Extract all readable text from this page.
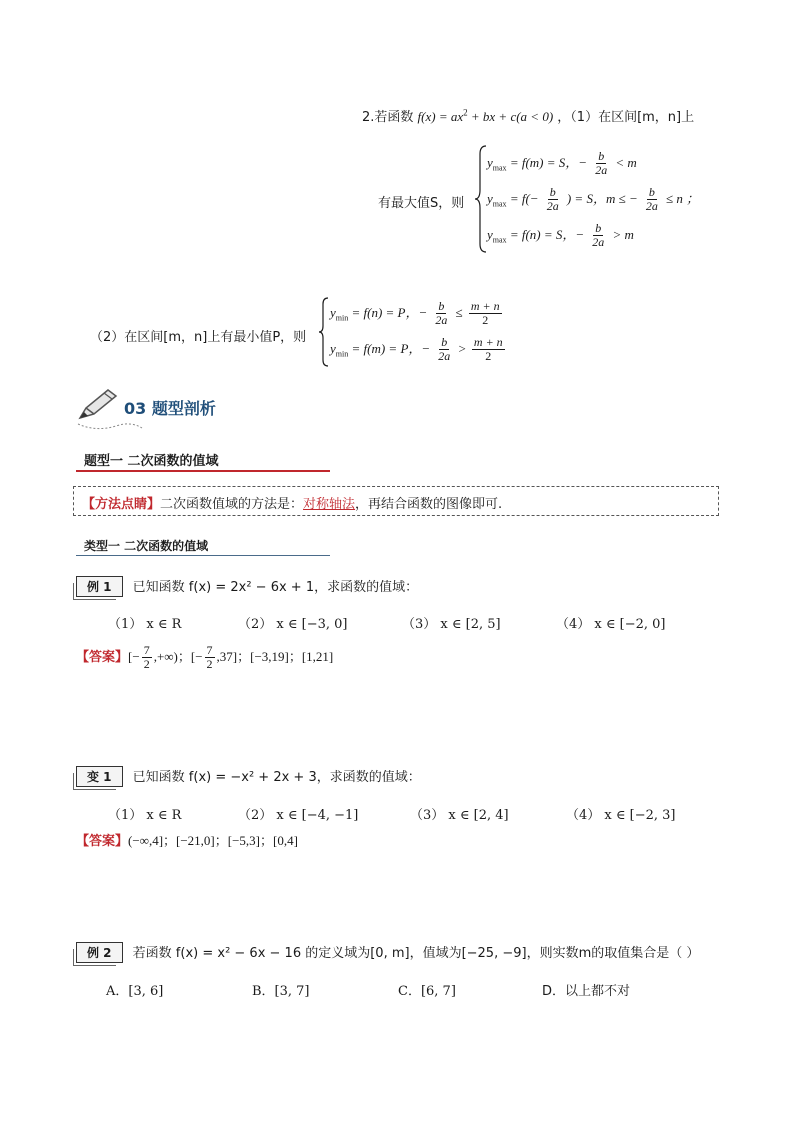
2.若函数 $f(x) = ax^2$ + bx + c(a < 0) ，（1）在区间[m，n]上
有最大值S，则
$y_{max} = f(m) = S$，− $\frac{b}{2a} < m$
$y_{max} = f(- \frac{b}{2a}$ ) = S，m ≤ − $\frac{b}{2a} \le n$ ；
$y_{max} = f(n) = S$，− $\frac{b}{2a} > m$
（2）在区间[m，n]上有最小值P，则
$y_{min} = f(n) = P$，− $\frac{b}{2a} \le \frac{m + n}{2}$
$y_{min} = f(m) = P$，− $\frac{b}{2a} > \frac{m + n}{2}$
03 题型剖析
题型一 二次函数的值域
【方法点睛】二次函数值域的方法是：对称轴法，再结合函数的图像即可.
类型一 二次函数的值域
例 1 已知函数 f(x) = 2x² − 6x + 1，求函数的值域：
（1） x ∈ R	（2） x ∈ [−3, 0]	（3） x ∈ [2, 5]	（4） x ∈ [−2, 0]
【答案】[− $\frac{7}{2}$ ,+∞)；[− $\frac{7}{2} ,37$]；[−3,19]；[1,21]
变 1 已知函数 f(x) = −x² + 2x + 3，求函数的值域：
（1） x ∈ R	（2） x ∈ [−4, −1]	（3） x ∈ [2, 4]	（4） x ∈ [−2, 3]
【答案】(−∞,4]；[−21,0]；[−5,3]；[0,4]
例 2 若函数 f(x) = x² − 6x − 16 的定义域为[0, m]，值域为[−25, −9]，则实数m的取值集合是（ ）
A．[3, 6]	B．[3, 7]	C．[6, 7]	D．以上都不对
